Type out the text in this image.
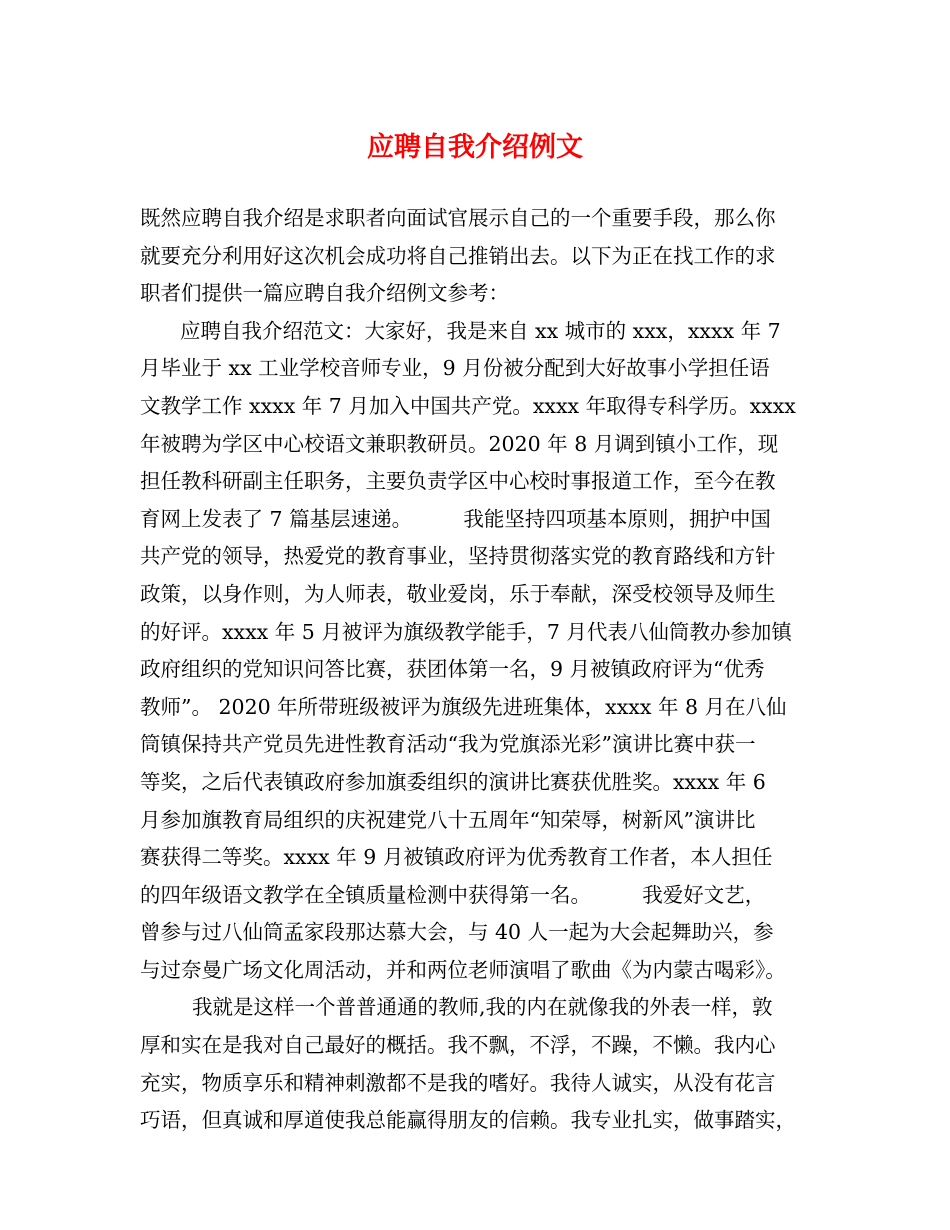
应聘自我介绍例文
既然应聘自我介绍是求职者向面试官展示自己的一个重要手段，那么你
就要充分利用好这次机会成功将自己推销出去。以下为正在找工作的求
职者们提供一篇应聘自我介绍例文参考：
应聘自我介绍范文：大家好，我是来自 xx 城市的 xxx，xxxx 年 7
月毕业于 xx 工业学校音师专业，9 月份被分配到大好故事小学担任语
文教学工作 xxxx 年 7 月加入中国共产党。xxxx 年取得专科学历。xxxx
年被聘为学区中心校语文兼职教研员。2020 年 8 月调到镇小工作，现
担任教科研副主任职务，主要负责学区中心校时事报道工作，至今在教
育网上发表了 7 篇基层速递。　　　我能坚持四项基本原则，拥护中国
共产党的领导，热爱党的教育事业，坚持贯彻落实党的教育路线和方针
政策，以身作则，为人师表，敬业爱岗，乐于奉献，深受校领导及师生
的好评。xxxx 年 5 月被评为旗级教学能手，7 月代表八仙筒教办参加镇
政府组织的党知识问答比赛，获团体第一名，9 月被镇政府评为“优秀
教师”。 2020 年所带班级被评为旗级先进班集体，xxxx 年 8 月在八仙
筒镇保持共产党员先进性教育活动“我为党旗添光彩”演讲比赛中获一
等奖，之后代表镇政府参加旗委组织的演讲比赛获优胜奖。xxxx 年 6
月参加旗教育局组织的庆祝建党八十五周年“知荣辱，树新风”演讲比
赛获得二等奖。xxxx 年 9 月被镇政府评为优秀教育工作者，本人担任
的四年级语文教学在全镇质量检测中获得第一名。　　　我爱好文艺，
曾参与过八仙筒孟家段那达慕大会，与 40 人一起为大会起舞助兴，参
与过奈曼广场文化周活动，并和两位老师演唱了歌曲《为内蒙古喝彩》。
我就是这样一个普普通通的教师,我的内在就像我的外表一样，敦
厚和实在是我对自己最好的概括。我不飘，不浮，不躁，不懒。我内心
充实，物质享乐和精神刺激都不是我的嗜好。我待人诚实，从没有花言
巧语，但真诚和厚道使我总能赢得朋友的信赖。我专业扎实，做事踏实，
